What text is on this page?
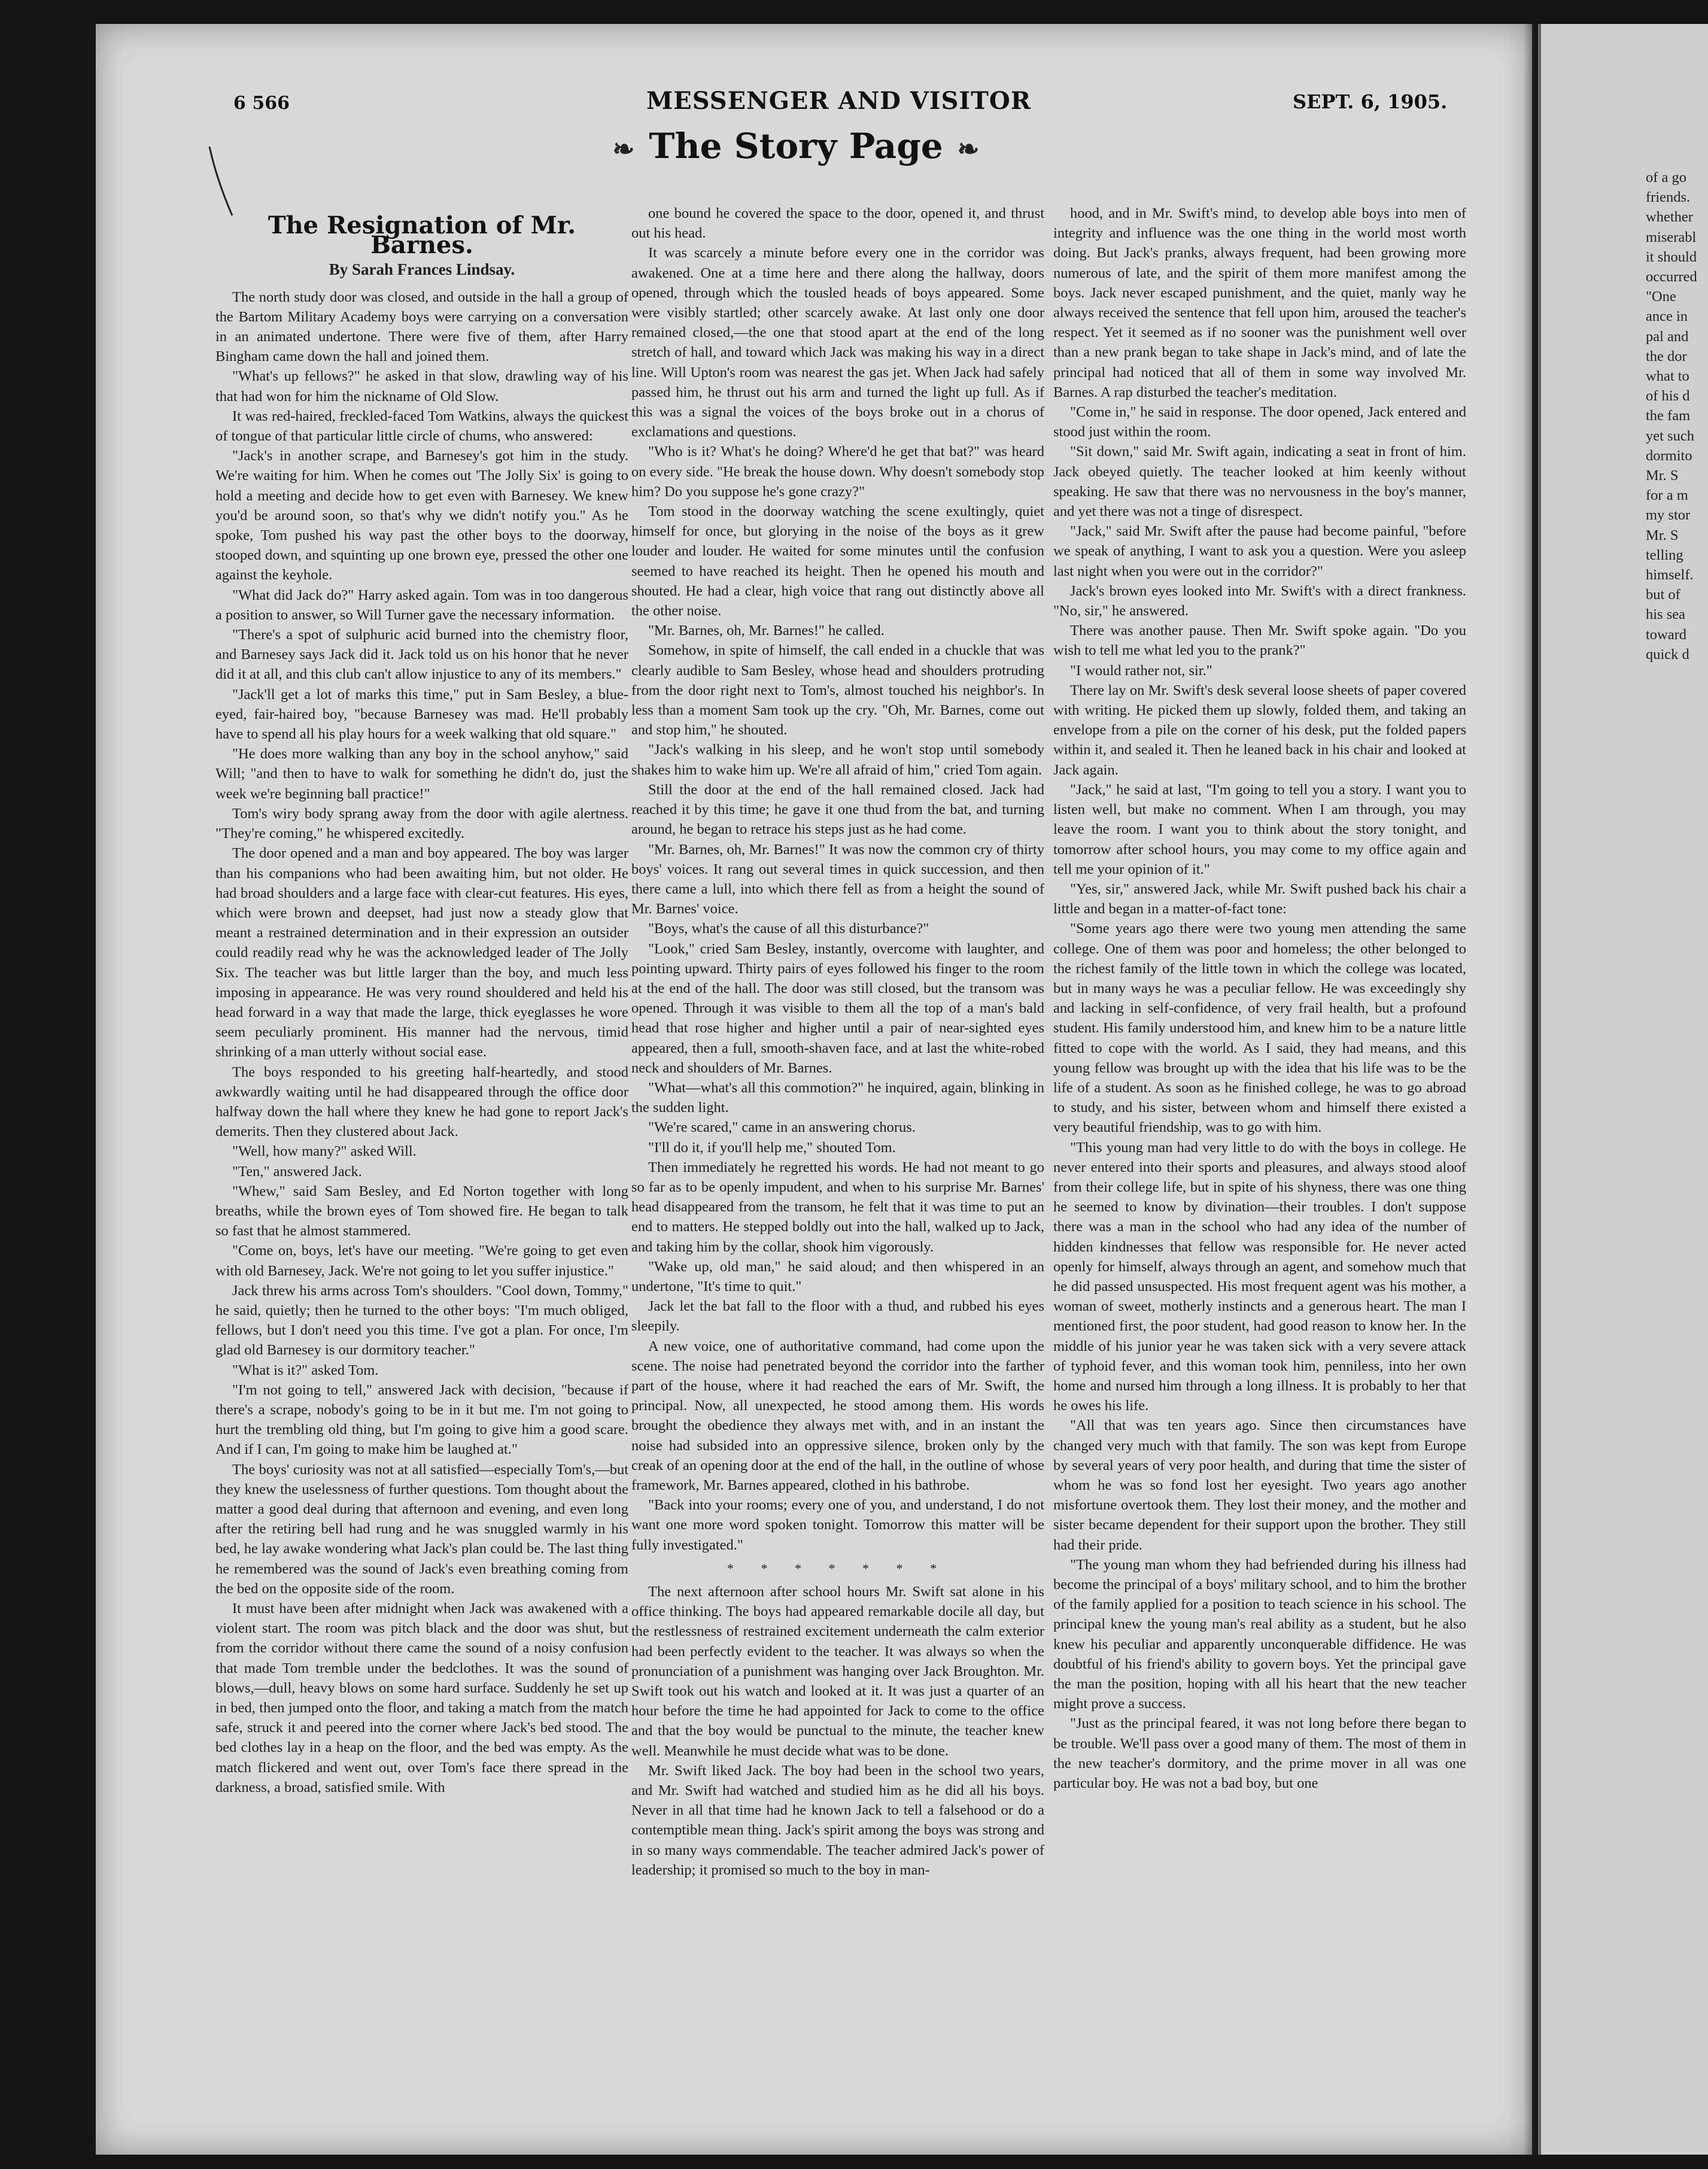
6 566	MESSENGER AND VISITOR	SEPT. 6, 1905.
❧ The Story Page ❧
The Resignation of Mr. Barnes.
By Sarah Frances Lindsay.

The north study door was closed, and outside in the hall a group of the Bartom Military Academy boys were carrying on a conversation in an animated undertone. There were five of them, after Harry Bingham came down the hall and joined them.

"What's up fellows?" he asked in that slow, drawling way of his that had won for him the nickname of Old Slow.

It was red-haired, freckled-faced Tom Watkins, always the quickest of tongue of that particular little circle of chums, who answered:

"Jack's in another scrape, and Barnesey's got him in the study. We're waiting for him. When he comes out 'The Jolly Six' is going to hold a meeting and decide how to get even with Barnesey. We knew you'd be around soon, so that's why we didn't notify you." As he spoke, Tom pushed his way past the other boys to the doorway, stooped down, and squinting up one brown eye, pressed the other one against the keyhole.

"What did Jack do?" Harry asked again. Tom was in too dangerous a position to answer, so Will Turner gave the necessary information.

"There's a spot of sulphuric acid burned into the chemistry floor, and Barnesey says Jack did it. Jack told us on his honor that he never did it at all, and this club can't allow injustice to any of its members."

"Jack'll get a lot of marks this time," put in Sam Besley, a blue-eyed, fair-haired boy, "because Barnesey was mad. He'll probably have to spend all his play hours for a week walking that old square."

"He does more walking than any boy in the school anyhow," said Will; "and then to have to walk for something he didn't do, just the week we're beginning ball practice!"

Tom's wiry body sprang away from the door with agile alertness. "They're coming," he whispered excitedly.

The door opened and a man and boy appeared. The boy was larger than his companions who had been awaiting him, but not older. He had broad shoulders and a large face with clear-cut features. His eyes, which were brown and deepset, had just now a steady glow that meant a restrained determination and in their expression an outsider could readily read why he was the acknowledged leader of The Jolly Six. The teacher was but little larger than the boy, and much less imposing in appearance. He was very round shouldered and held his head forward in a way that made the large, thick eyeglasses he wore seem peculiarly prominent. His manner had the nervous, timid shrinking of a man utterly without social ease.

The boys responded to his greeting half-heartedly, and stood awkwardly waiting until he had disappeared through the office door halfway down the hall where they knew he had gone to report Jack's demerits. Then they clustered about Jack.

"Well, how many?" asked Will.

"Ten," answered Jack.

"Whew," said Sam Besley, and Ed Norton together with long breaths, while the brown eyes of Tom showed fire. He began to talk so fast that he almost stammered.

"Come on, boys, let's have our meeting. "We're going to get even with old Barnesey, Jack. We're not going to let you suffer injustice."

Jack threw his arms across Tom's shoulders. "Cool down, Tommy," he said, quietly; then he turned to the other boys: "I'm much obliged, fellows, but I don't need you this time. I've got a plan. For once, I'm glad old Barnesey is our dormitory teacher."

"What is it?" asked Tom.

"I'm not going to tell," answered Jack with decision, "because if there's a scrape, nobody's going to be in it but me. I'm not going to hurt the trembling old thing, but I'm going to give him a good scare. And if I can, I'm going to make him be laughed at."

The boys' curiosity was not at all satisfied—especially Tom's,—but they knew the uselessness of further questions. Tom thought about the matter a good deal during that afternoon and evening, and even long after the retiring bell had rung and he was snuggled warmly in his bed, he lay awake wondering what Jack's plan could be. The last thing he remembered was the sound of Jack's even breathing coming from the bed on the opposite side of the room.

It must have been after midnight when Jack was awakened with a violent start. The room was pitch black and the door was shut, but from the corridor without there came the sound of a noisy confusion that made Tom tremble under the bedclothes. It was the sound of blows,—dull, heavy blows on some hard surface. Suddenly he set up in bed, then jumped onto the floor, and taking a match from the match safe, struck it and peered into the corner where Jack's bed stood. The bed clothes lay in a heap on the floor, and the bed was empty. As the match flickered and went out, over Tom's face there spread in the darkness, a broad, satisfied smile. With

one bound he covered the space to the door, opened it, and thrust out his head.

It was scarcely a minute before every one in the corridor was awakened. One at a time here and there along the hallway, doors opened, through which the tousled heads of boys appeared. Some were visibly startled; other scarcely awake. At last only one door remained closed,—the one that stood apart at the end of the long stretch of hall, and toward which Jack was making his way in a direct line. Will Upton's room was nearest the gas jet. When Jack had safely passed him, he thrust out his arm and turned the light up full. As if this was a signal the voices of the boys broke out in a chorus of exclamations and questions.

"Who is it? What's he doing? Where'd he get that bat?" was heard on every side. "He break the house down. Why doesn't somebody stop him? Do you suppose he's gone crazy?"

Tom stood in the doorway watching the scene exultingly, quiet himself for once, but glorying in the noise of the boys as it grew louder and louder. He waited for some minutes until the confusion seemed to have reached its height. Then he opened his mouth and shouted. He had a clear, high voice that rang out distinctly above all the other noise.

"Mr. Barnes, oh, Mr. Barnes!" he called.

Somehow, in spite of himself, the call ended in a chuckle that was clearly audible to Sam Besley, whose head and shoulders protruding from the door right next to Tom's, almost touched his neighbor's. In less than a moment Sam took up the cry. "Oh, Mr. Barnes, come out and stop him," he shouted.

"Jack's walking in his sleep, and he won't stop until somebody shakes him to wake him up. We're all afraid of him," cried Tom again.

Still the door at the end of the hall remained closed. Jack had reached it by this time; he gave it one thud from the bat, and turning around, he began to retrace his steps just as he had come.

"Mr. Barnes, oh, Mr. Barnes!" It was now the common cry of thirty boys' voices. It rang out several times in quick succession, and then there came a lull, into which there fell as from a height the sound of Mr. Barnes' voice.

"Boys, what's the cause of all this disturbance?"

"Look," cried Sam Besley, instantly, overcome with laughter, and pointing upward. Thirty pairs of eyes followed his finger to the room at the end of the hall. The door was still closed, but the transom was opened. Through it was visible to them all the top of a man's bald head that rose higher and higher until a pair of near-sighted eyes appeared, then a full, smooth-shaven face, and at last the white-robed neck and shoulders of Mr. Barnes.

"What—what's all this commotion?" he inquired, again, blinking in the sudden light.

"We're scared," came in an answering chorus.

"I'll do it, if you'll help me," shouted Tom.

Then immediately he regretted his words. He had not meant to go so far as to be openly impudent, and when to his surprise Mr. Barnes' head disappeared from the transom, he felt that it was time to put an end to matters. He stepped boldly out into the hall, walked up to Jack, and taking him by the collar, shook him vigorously.

"Wake up, old man," he said aloud; and then whispered in an undertone, "It's time to quit."

Jack let the bat fall to the floor with a thud, and rubbed his eyes sleepily.

A new voice, one of authoritative command, had come upon the scene. The noise had penetrated beyond the corridor into the farther part of the house, where it had reached the ears of Mr. Swift, the principal. Now, all unexpected, he stood among them. His words brought the obedience they always met with, and in an instant the noise had subsided into an oppressive silence, broken only by the creak of an opening door at the end of the hall, in the outline of whose framework, Mr. Barnes appeared, clothed in his bathrobe.

"Back into your rooms; every one of you, and understand, I do not want one more word spoken tonight. Tomorrow this matter will be fully investigated."

* * * * * * *

The next afternoon after school hours Mr. Swift sat alone in his office thinking. The boys had appeared remarkable docile all day, but the restlessness of restrained excitement underneath the calm exterior had been perfectly evident to the teacher. It was always so when the pronunciation of a punishment was hanging over Jack Broughton. Mr. Swift took out his watch and looked at it. It was just a quarter of an hour before the time he had appointed for Jack to come to the office and that the boy would be punctual to the minute, the teacher knew well. Meanwhile he must decide what was to be done.

Mr. Swift liked Jack. The boy had been in the school two years, and Mr. Swift had watched and studied him as he did all his boys. Never in all that time had he known Jack to tell a falsehood or do a contemptible mean thing. Jack's spirit among the boys was strong and in so many ways commendable. The teacher admired Jack's power of leadership; it promised so much to the boy in man-

hood, and in Mr. Swift's mind, to develop able boys into men of integrity and influence was the one thing in the world most worth doing. But Jack's pranks, always frequent, had been growing more numerous of late, and the spirit of them more manifest among the boys. Jack never escaped punishment, and the quiet, manly way he always received the sentence that fell upon him, aroused the teacher's respect. Yet it seemed as if no sooner was the punishment well over than a new prank began to take shape in Jack's mind, and of late the principal had noticed that all of them in some way involved Mr. Barnes. A rap disturbed the teacher's meditation.

"Come in," he said in response. The door opened, Jack entered and stood just within the room.

"Sit down," said Mr. Swift again, indicating a seat in front of him. Jack obeyed quietly. The teacher looked at him keenly without speaking. He saw that there was no nervousness in the boy's manner, and yet there was not a tinge of disrespect.

"Jack," said Mr. Swift after the pause had become painful, "before we speak of anything, I want to ask you a question. Were you asleep last night when you were out in the corridor?"

Jack's brown eyes looked into Mr. Swift's with a direct frankness. "No, sir," he answered.

There was another pause. Then Mr. Swift spoke again. "Do you wish to tell me what led you to the prank?"

"I would rather not, sir."

There lay on Mr. Swift's desk several loose sheets of paper covered with writing. He picked them up slowly, folded them, and taking an envelope from a pile on the corner of his desk, put the folded papers within it, and sealed it. Then he leaned back in his chair and looked at Jack again.

"Jack," he said at last, "I'm going to tell you a story. I want you to listen well, but make no comment. When I am through, you may leave the room. I want you to think about the story tonight, and tomorrow after school hours, you may come to my office again and tell me your opinion of it."

"Yes, sir," answered Jack, while Mr. Swift pushed back his chair a little and began in a matter-of-fact tone:

"Some years ago there were two young men attending the same college. One of them was poor and homeless; the other belonged to the richest family of the little town in which the college was located, but in many ways he was a peculiar fellow. He was exceedingly shy and lacking in self-confidence, of very frail health, but a profound student. His family understood him, and knew him to be a nature little fitted to cope with the world. As I said, they had means, and this young fellow was brought up with the idea that his life was to be the life of a student. As soon as he finished college, he was to go abroad to study, and his sister, between whom and himself there existed a very beautiful friendship, was to go with him.

"This young man had very little to do with the boys in college. He never entered into their sports and pleasures, and always stood aloof from their college life, but in spite of his shyness, there was one thing he seemed to know by divination—their troubles. I don't suppose there was a man in the school who had any idea of the number of hidden kindnesses that fellow was responsible for. He never acted openly for himself, always through an agent, and somehow much that he did passed unsuspected. His most frequent agent was his mother, a woman of sweet, motherly instincts and a generous heart. The man I mentioned first, the poor student, had good reason to know her. In the middle of his junior year he was taken sick with a very severe attack of typhoid fever, and this woman took him, penniless, into her own home and nursed him through a long illness. It is probably to her that he owes his life.

"All that was ten years ago. Since then circumstances have changed very much with that family. The son was kept from Europe by several years of very poor health, and during that time the sister of whom he was so fond lost her eyesight. Two years ago another misfortune overtook them. They lost their money, and the mother and sister became dependent for their support upon the brother. They still had their pride.

"The young man whom they had befriended during his illness had become the principal of a boys' military school, and to him the brother of the family applied for a position to teach science in his school. The principal knew the young man's real ability as a student, but he also knew his peculiar and apparently unconquerable diffidence. He was doubtful of his friend's ability to govern boys. Yet the principal gave the man the position, hoping with all his heart that the new teacher might prove a success.

"Just as the principal feared, it was not long before there began to be trouble. We'll pass over a good many of them. The most of them in the new teacher's dormitory, and the prime mover in all was one particular boy. He was not a bad boy, but one

of a go
friends.
whether
miserabl
it should
occurred
"One
ance in
pal and
the dor
what to
of his d
the fam
yet such
dormito
Mr. S
for a m
my stor
Mr. S
telling
himself.
but of
his sea
toward
quick d
